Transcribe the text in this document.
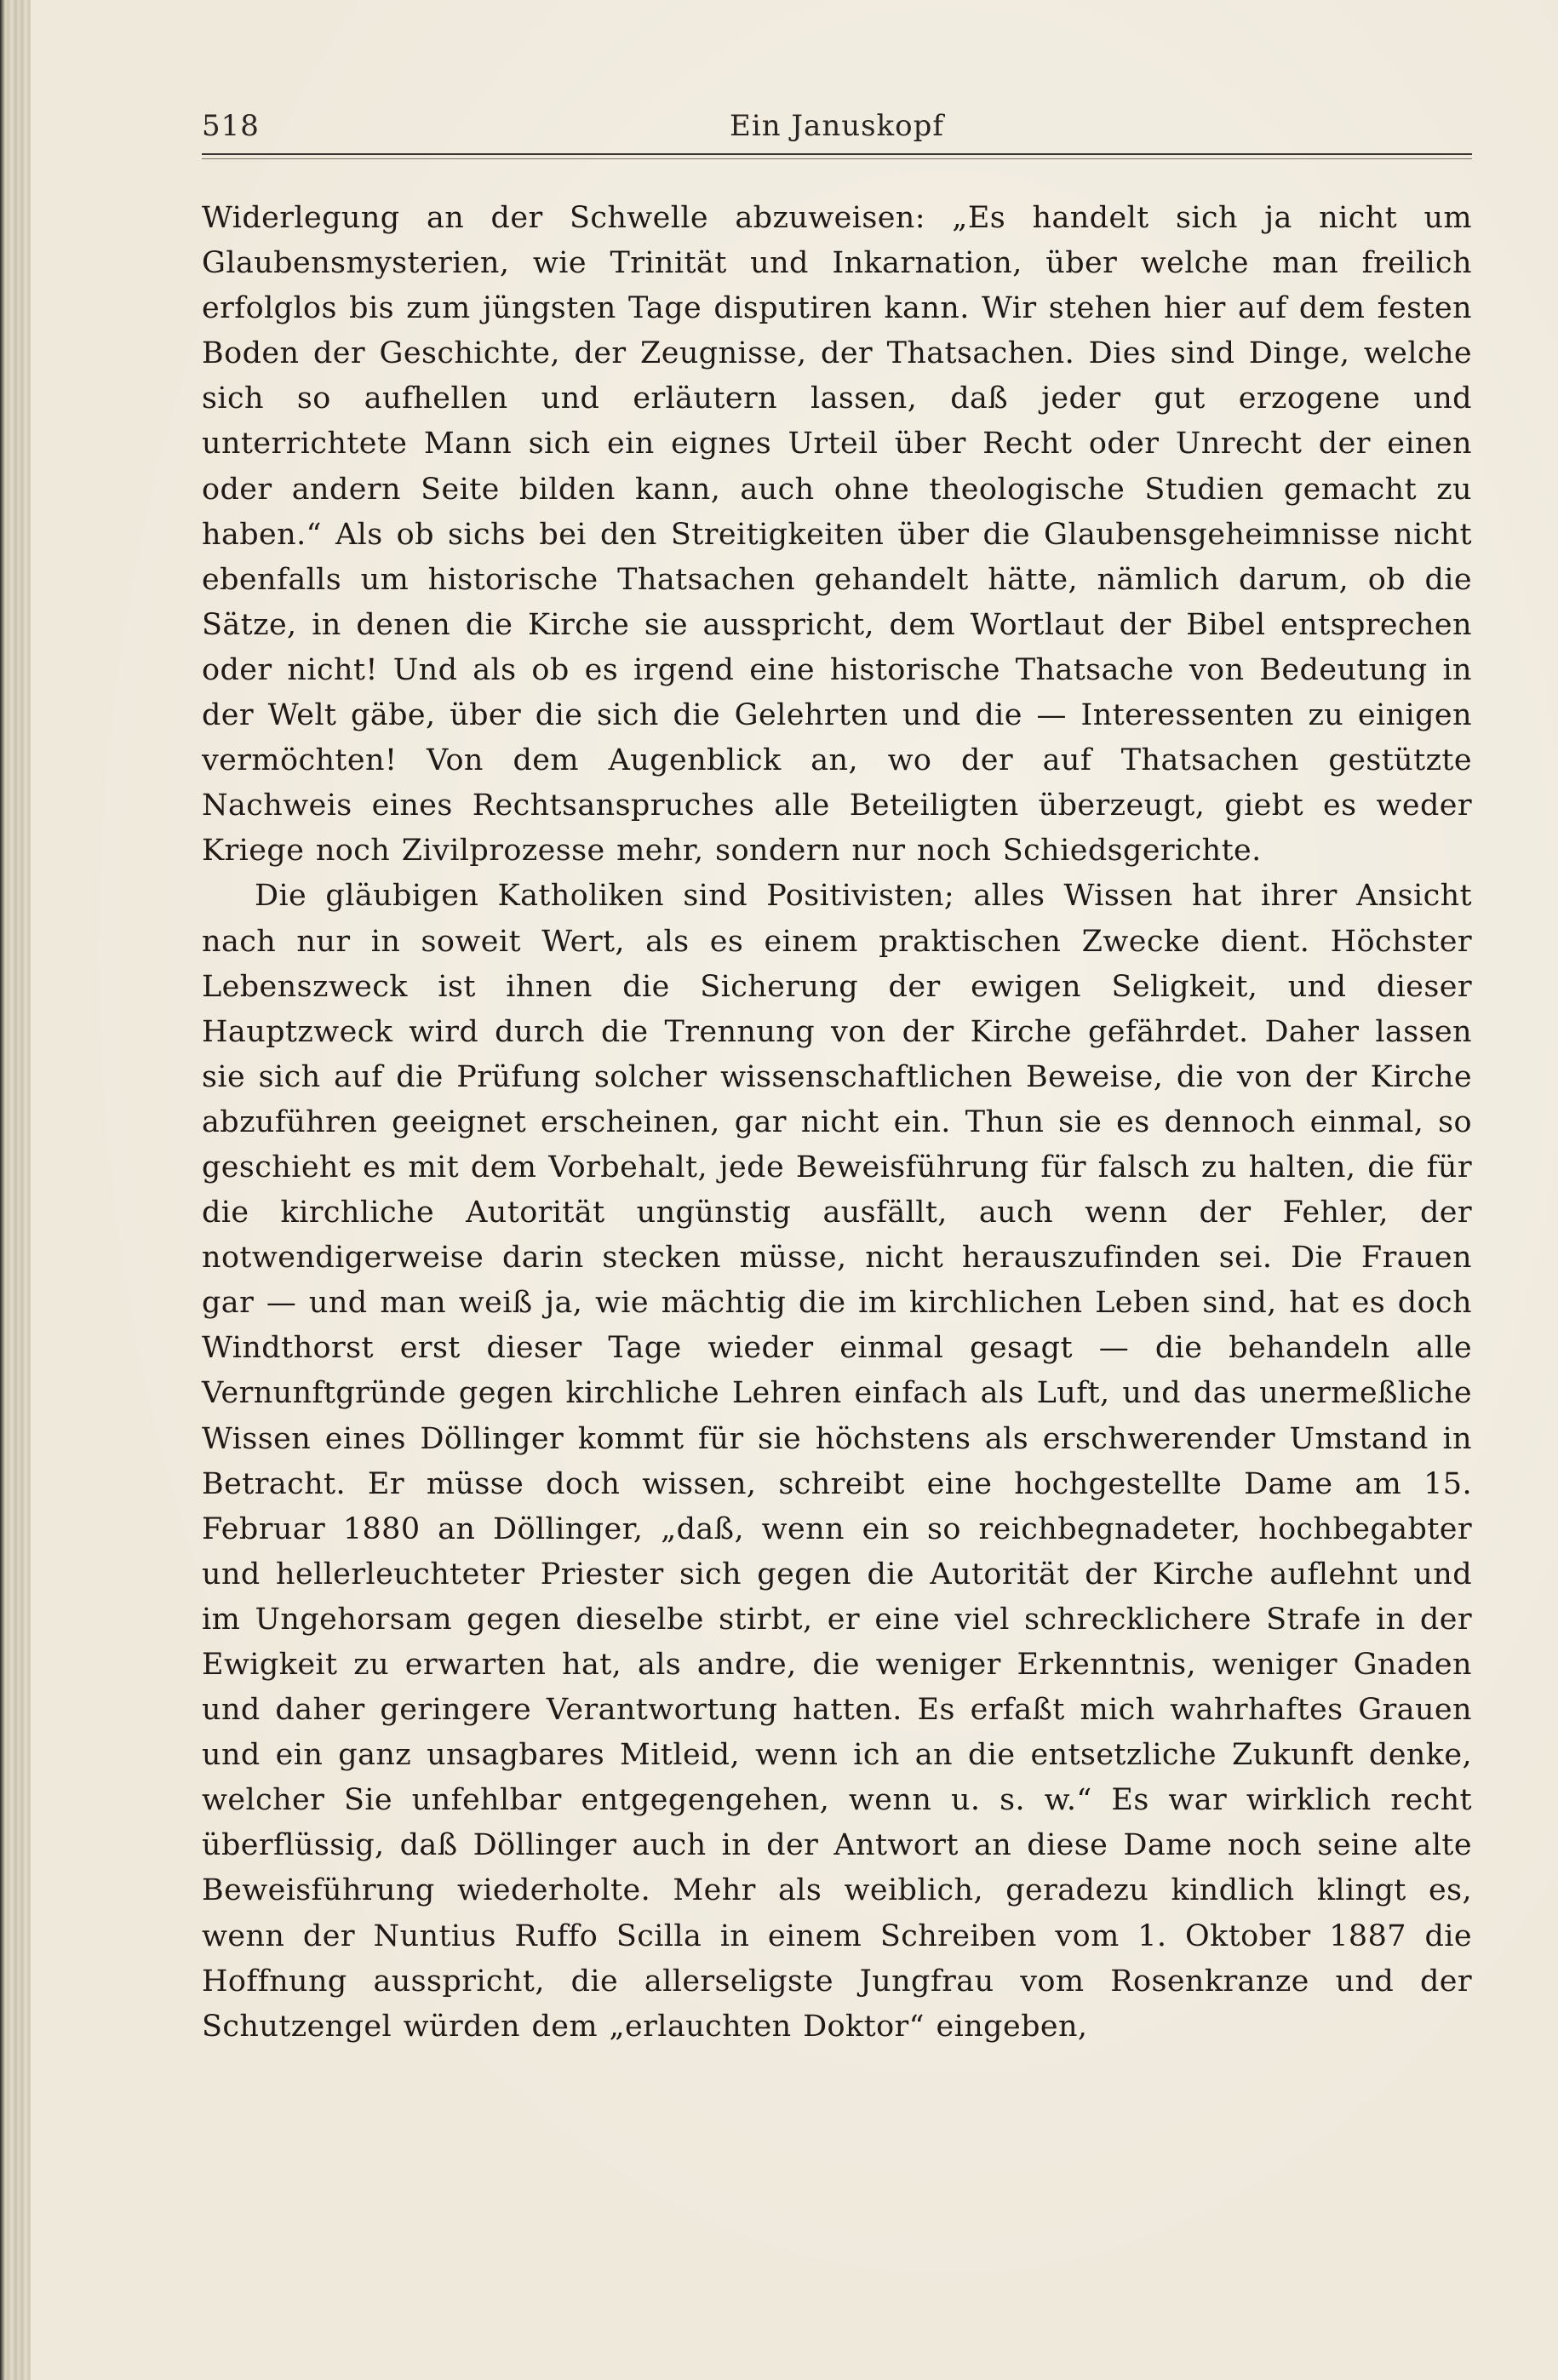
518	Ein Januskopf

Widerlegung an der Schwelle abzuweisen: „Es handelt sich ja nicht um Glaubensmysterien, wie Trinität und Inkarnation, über welche man freilich erfolglos bis zum jüngsten Tage disputiren kann. Wir stehen hier auf dem festen Boden der Geschichte, der Zeugnisse, der Thatsachen. Dies sind Dinge, welche sich so aufhellen und erläutern lassen, daß jeder gut erzogene und unterrichtete Mann sich ein eignes Urteil über Recht oder Unrecht der einen oder andern Seite bilden kann, auch ohne theologische Studien gemacht zu haben.“ Als ob sichs bei den Streitigkeiten über die Glaubensgeheimnisse nicht ebenfalls um historische Thatsachen gehandelt hätte, nämlich darum, ob die Sätze, in denen die Kirche sie ausspricht, dem Wortlaut der Bibel entsprechen oder nicht! Und als ob es irgend eine historische Thatsache von Bedeutung in der Welt gäbe, über die sich die Gelehrten und die — Interessenten zu einigen vermöchten! Von dem Augenblick an, wo der auf Thatsachen gestützte Nachweis eines Rechtsanspruches alle Beteiligten überzeugt, giebt es weder Kriege noch Zivilprozesse mehr, sondern nur noch Schiedsgerichte.

Die gläubigen Katholiken sind Positivisten; alles Wissen hat ihrer Ansicht nach nur in soweit Wert, als es einem praktischen Zwecke dient. Höchster Lebenszweck ist ihnen die Sicherung der ewigen Seligkeit, und dieser Hauptzweck wird durch die Trennung von der Kirche gefährdet. Daher lassen sie sich auf die Prüfung solcher wissenschaftlichen Beweise, die von der Kirche abzuführen geeignet erscheinen, gar nicht ein. Thun sie es dennoch einmal, so geschieht es mit dem Vorbehalt, jede Beweisführung für falsch zu halten, die für die kirchliche Autorität ungünstig ausfällt, auch wenn der Fehler, der notwendigerweise darin stecken müsse, nicht herauszufinden sei. Die Frauen gar — und man weiß ja, wie mächtig die im kirchlichen Leben sind, hat es doch Windthorst erst dieser Tage wieder einmal gesagt — die behandeln alle Vernunftgründe gegen kirchliche Lehren einfach als Luft, und das unermeßliche Wissen eines Döllinger kommt für sie höchstens als erschwerender Umstand in Betracht. Er müsse doch wissen, schreibt eine hochgestellte Dame am 15. Februar 1880 an Döllinger, „daß, wenn ein so reichbegnadeter, hochbegabter und hellerleuchteter Priester sich gegen die Autorität der Kirche auflehnt und im Ungehorsam gegen dieselbe stirbt, er eine viel schrecklichere Strafe in der Ewigkeit zu erwarten hat, als andre, die weniger Erkenntnis, weniger Gnaden und daher geringere Verantwortung hatten. Es erfaßt mich wahrhaftes Grauen und ein ganz unsagbares Mitleid, wenn ich an die entsetzliche Zukunft denke, welcher Sie unfehlbar entgegengehen, wenn u. s. w.“ Es war wirklich recht überflüssig, daß Döllinger auch in der Antwort an diese Dame noch seine alte Beweisführung wiederholte. Mehr als weiblich, geradezu kindlich klingt es, wenn der Nuntius Ruffo Scilla in einem Schreiben vom 1. Oktober 1887 die Hoffnung ausspricht, die allerseligste Jungfrau vom Rosenkranze und der Schutzengel würden dem „erlauchten Doktor“ eingeben,
